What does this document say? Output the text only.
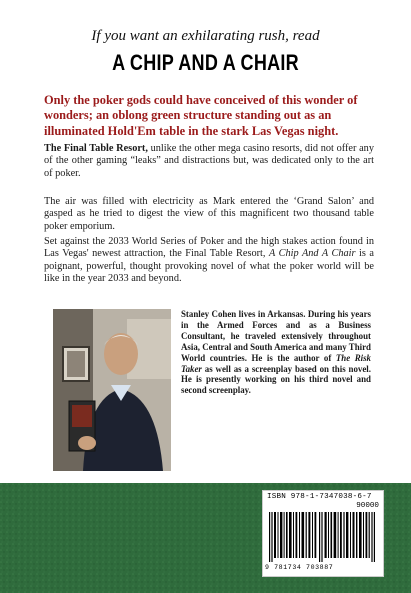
If you want an exhilarating rush, read
A CHIP AND A CHAIR
Only the poker gods could have conceived of this wonder of wonders; an oblong green structure standing out as an illuminated Hold'Em table in the stark Las Vegas night.
The Final Table Resort, unlike the other mega casino resorts, did not offer any of the other gaming “leaks” and distractions but, was dedicated only to the art of poker.
The air was filled with electricity as Mark entered the ‘Grand Salon’ and gasped as he tried to digest the view of this magnificent two thousand table poker emporium.
Set against the 2033 World Series of Poker and the high stakes action found in Las Vegas' newest attraction, the Final Table Resort, A Chip And A Chair is a poignant, powerful, thought provoking novel of what the poker world will be like in the year 2033 and beyond.
Stanley Cohen lives in Arkansas. During his years in the Armed Forces and as a Business Consultant, he traveled extensively throughout Asia, Central and South America and many Third World countries. He is the author of The Risk Taker as well as a screenplay based on this novel. He is presently working on his third novel and second screenplay.
ISBN 978-1-7347038-6-7
90000
9 781734 703887
